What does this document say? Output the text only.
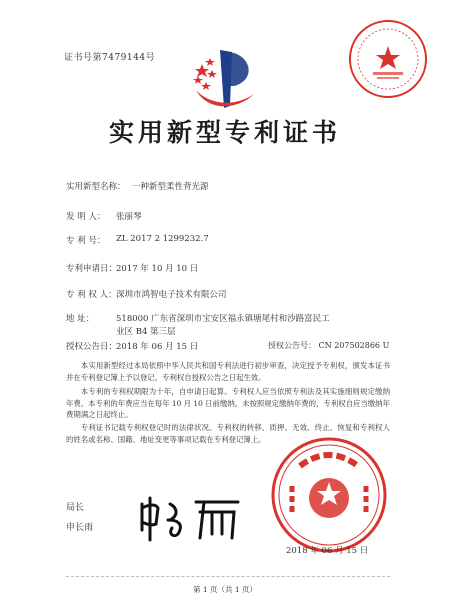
证书号第7479144号
实用新型专利证书
实用新型名称： 一种新型柔性背光源
发 明 人： 张丽琴
专 利 号： ZL 2017 2 1299232.7
专利申请日：
2017 年 10 月 10 日
专 利 权 人： 深圳市鸿智电子技术有限公司
地 址：	518000 广东省深圳市宝安区福永镇塘尾村和沙路富民工
业区 B4 第三层
授权公告日：
2018 年 06 月 15 日	授权公告号： CN 207502866 U
本实用新型经过本局依照中华人民共和国专利法进行初步审查，决定授予专利权，颁发本证书并在专利登记簿上予以登记。专利权自授权公告之日起生效。
本专利的专利权期限为十年，自申请日起算。专利权人应当依照专利法及其实施细则规定缴纳年费。本专利的年费应当在每年 10 月 10 日前缴纳。未按照规定缴纳年费的，专利权自应当缴纳年费期满之日起终止。
专利证书记载专利权登记时的法律状况。专利权的转移、质押、无效、终止、恢复和专利权人的姓名或名称、国籍、地址变更等事项记载在专利登记簿上。
局长
申长雨
2018 年 06 月 15 日
第 1 页（共 1 页）
